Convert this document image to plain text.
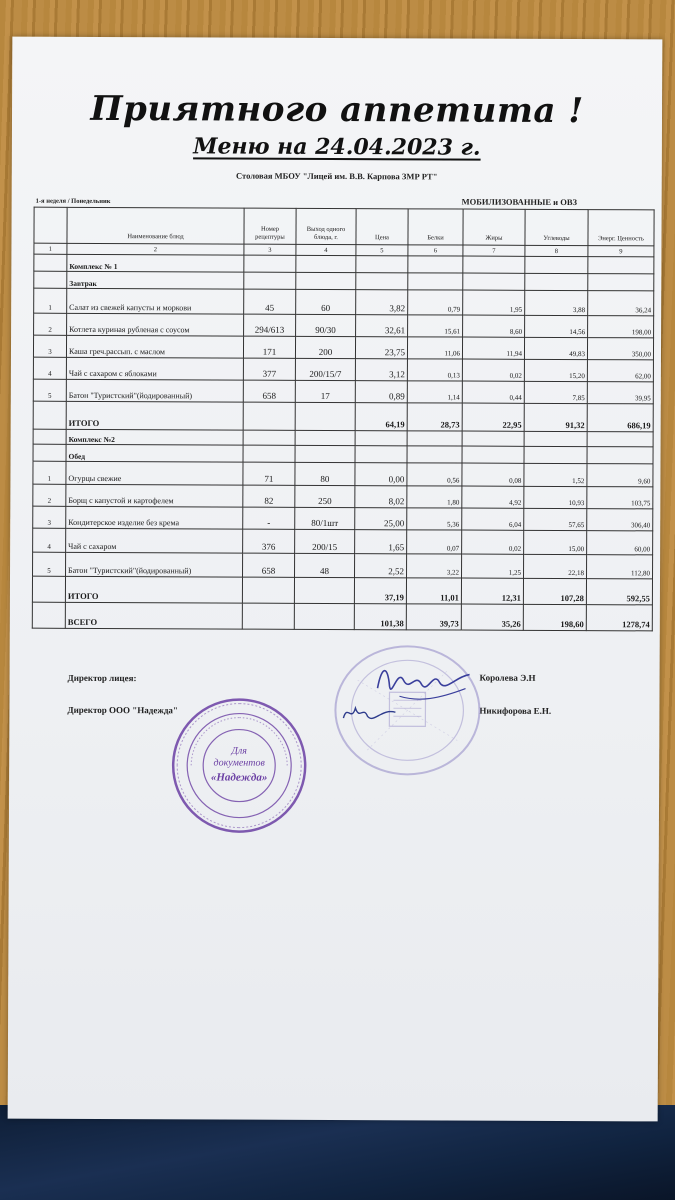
Приятного аппетита !
Меню на 24.04.2023 г.
Столовая МБОУ "Лицей им. В.В. Карпова ЗМР РТ"
1-я неделя / Понедельник	МОБИЛИЗОВАННЫЕ и ОВЗ
	Наименование блюд	Номер рецептуры	Выход одного блюда, г.	Цена	Белки	Жиры	Углеводы	Энерг. Ценность
1	2	3	4	5	6	7	8	9
	Комплекс № 1							
	Завтрак							
1	Салат из свежей капусты и моркови	45	60	3,82	0,79	1,95	3,88	36,24
2	Котлета куриная рубленая с соусом	294/613	90/30	32,61	15,61	8,60	14,56	198,00
3	Каша греч.рассып. с маслом	171	200	23,75	11,06	11,94	49,83	350,00
4	Чай с сахаром с яблоками	377	200/15/7	3,12	0,13	0,02	15,20	62,00
5	Батон "Туристский"(йодированный)	658	17	0,89	1,14	0,44	7,85	39,95
	ИТОГО			64,19	28,73	22,95	91,32	686,19
	Комплекс №2							
	Обед							
1	Огурцы свежие	71	80	0,00	0,56	0,08	1,52	9,60
2	Борщ с капустой и картофелем	82	250	8,02	1,80	4,92	10,93	103,75
3	Кондитерское изделие без крема	-	80/1шт	25,00	5,36	6,04	57,65	306,40
4	Чай с сахаром	376	200/15	1,65	0,07	0,02	15,00	60,00
5	Батон "Туристский"(йодированный)	658	48	2,52	3,22	1,25	22,18	112,80
	ИТОГО			37,19	11,01	12,31	107,28	592,55
	ВСЕГО			101,38	39,73	35,26	198,60	1278,74
Директор лицея:	Королева Э.Н
Директор ООО "Надежда"	Никифорова Е.Н.
Для
документов
«Надежда»
